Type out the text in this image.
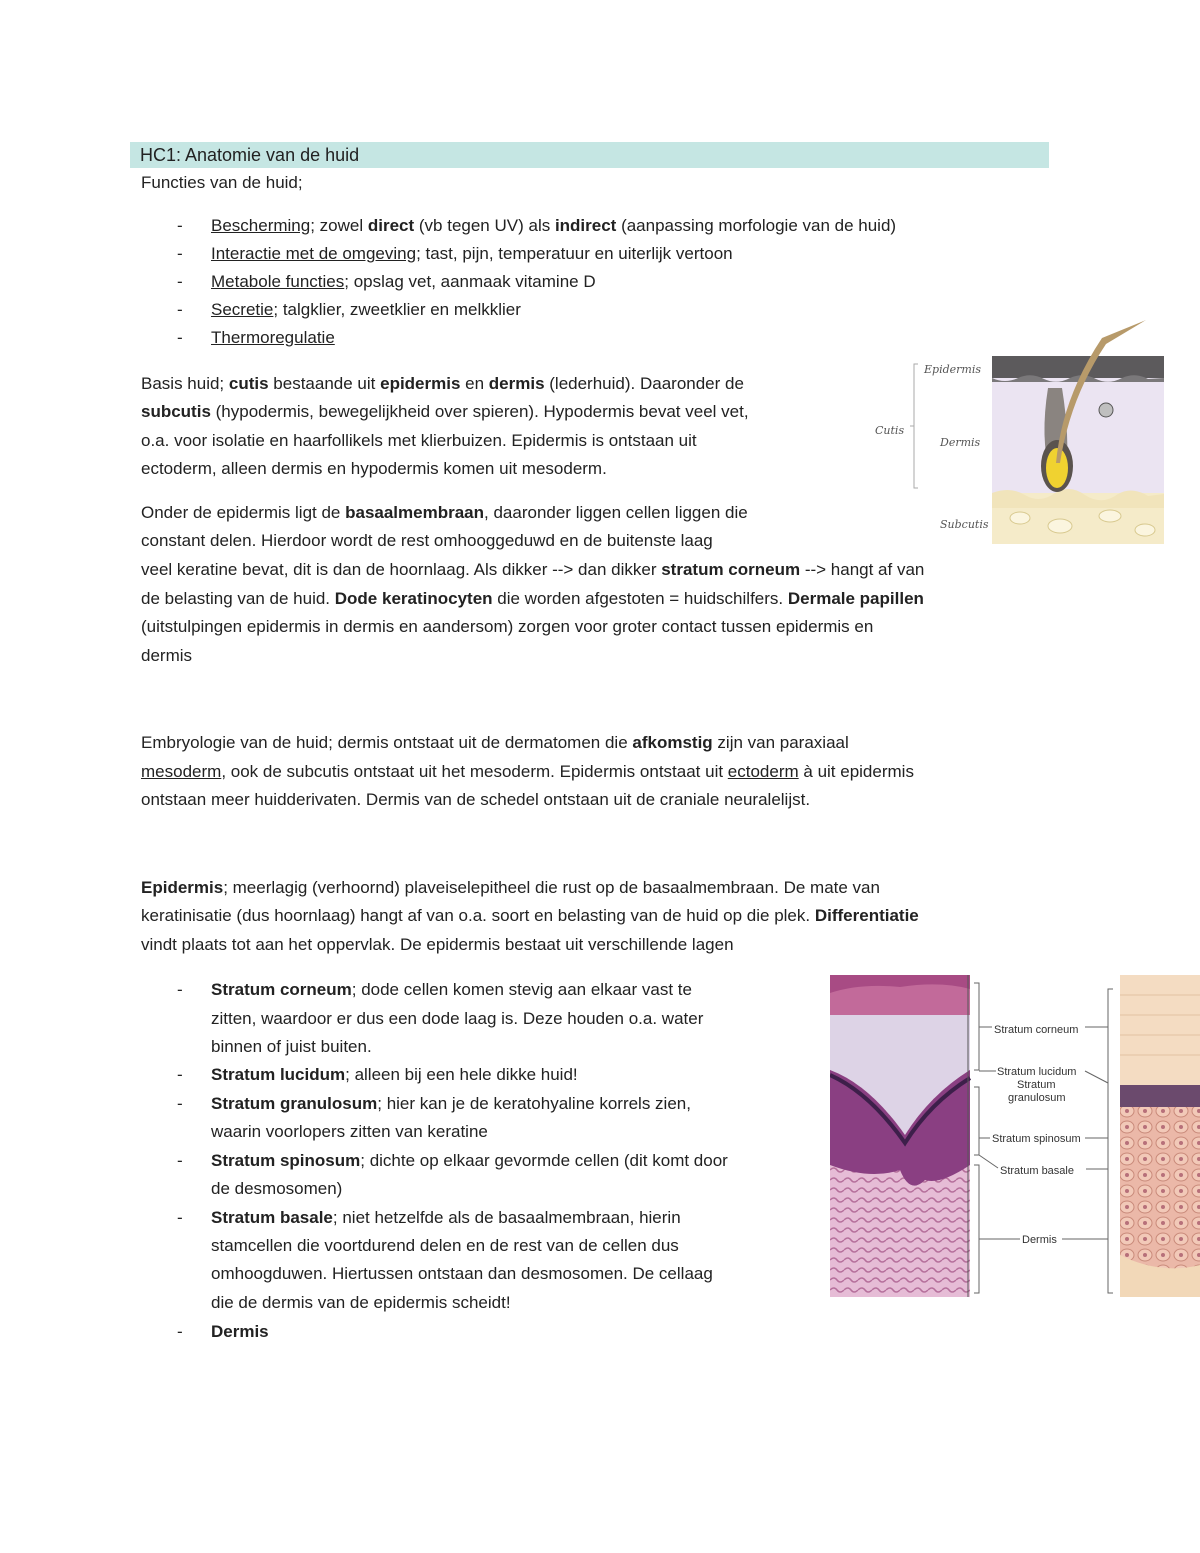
HC1: Anatomie van de huid
Functies van de huid;
- Bescherming; zowel direct (vb tegen UV) als indirect (aanpassing morfologie van de huid)
- Interactie met de omgeving; tast, pijn, temperatuur en uiterlijk vertoon
- Metabole functies; opslag vet, aanmaak vitamine D
- Secretie; talgklier, zweetklier en melkklier
- Thermoregulatie
Basis huid; cutis bestaande uit epidermis en dermis (lederhuid). Daaronder de
subcutis (hypodermis, bewegelijkheid over spieren). Hypodermis bevat veel vet,
o.a. voor isolatie en haarfollikels met klierbuizen. Epidermis is ontstaan uit
ectoderm, alleen dermis en hypodermis komen uit mesoderm.
Onder de epidermis ligt de basaalmembraan, daaronder liggen cellen liggen die
constant delen. Hierdoor wordt de rest omhooggeduwd en de buitenste laag
veel keratine bevat, dit is dan de hoornlaag. Als dikker --> dan dikker stratum corneum --> hangt af van
de belasting van de huid. Dode keratinocyten die worden afgestoten = huidschilfers. Dermale papillen
(uitstulpingen epidermis in dermis en aandersom) zorgen voor groter contact tussen epidermis en
dermis
Embryologie van de huid; dermis ontstaat uit de dermatomen die afkomstig zijn van paraxiaal
mesoderm, ook de subcutis ontstaat uit het mesoderm. Epidermis ontstaat uit ectoderm à uit epidermis
ontstaan meer huidderivaten. Dermis van de schedel ontstaan uit de craniale neuralelijst.
Epidermis; meerlagig (verhoornd) plaveiselepitheel die rust op de basaalmembraan. De mate van
keratinisatie (dus hoornlaag) hangt af van o.a. soort en belasting van de huid op die plek. Differentiatie
vindt plaats tot aan het oppervlak. De epidermis bestaat uit verschillende lagen
- Stratum corneum; dode cellen komen stevig aan elkaar vast te
zitten, waardoor er dus een dode laag is. Deze houden o.a. water
binnen of juist buiten.
- Stratum lucidum; alleen bij een hele dikke huid!
- Stratum granulosum; hier kan je de keratohyaline korrels zien,
waarin voorlopers zitten van keratine
- Stratum spinosum; dichte op elkaar gevormde cellen (dit komt door
de desmosomen)
- Stratum basale; niet hetzelfde als de basaalmembraan, hierin
stamcellen die voortdurend delen en de rest van de cellen dus
omhoogduwen. Hiertussen ontstaan dan desmosomen. De cellaag
die de dermis van de epidermis scheidt!
- Dermis
Epidermis
Cutis
Dermis
Subcutis
Stratum corneum
Stratum lucidum
Stratum
granulosum
Stratum spinosum
Stratum basale
Dermis
